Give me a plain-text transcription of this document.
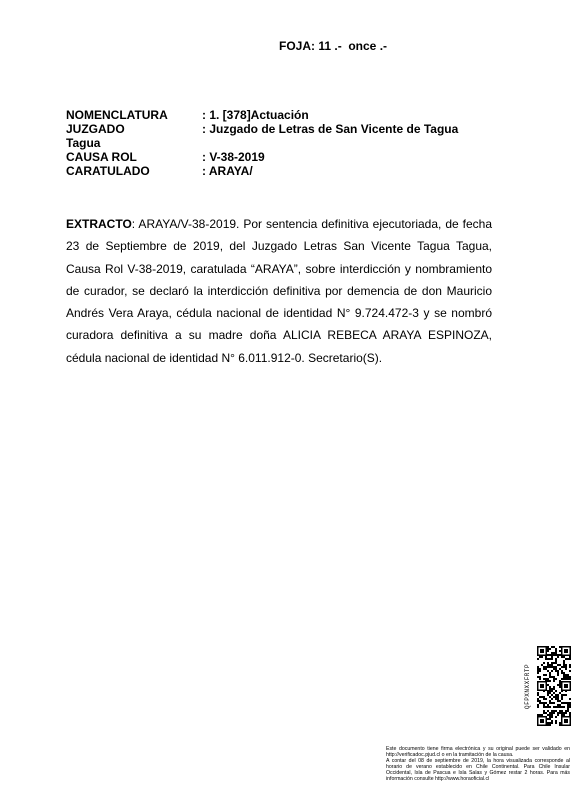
FOJA: 11 .-  once .-
NOMENCLATURA	: 1. [378]Actuación
JUZGADO	: Juzgado de Letras de San Vicente de Tagua
Tagua
CAUSA ROL	: V-38-2019
CARATULADO	: ARAYA/
EXTRACTO: ARAYA/V-38-2019. Por sentencia definitiva ejecutoriada, de fecha 23 de Septiembre de 2019, del Juzgado Letras San Vicente Tagua Tagua, Causa Rol V-38-2019, caratulada “ARAYA”, sobre interdicción y nombramiento de curador, se declaró la interdicción definitiva por demencia de don Mauricio Andrés Vera Araya, cédula nacional de identidad N° 9.724.472-3 y se nombró curadora definitiva a su madre doña ALICIA REBECA ARAYA ESPINOZA, cédula nacional de identidad N° 6.011.912-0. Secretario(S).
QFPXNXXFRTP

Este documento tiene firma electrónica y su original puede ser validado en http://verificadoc.pjud.cl o en la tramitación de la causa.

A contar del 08 de septiembre de 2019, la hora visualizada corresponde al horario de verano establecido en Chile Continental. Para Chile Insular Occidental, Isla de Pascua e Isla Salas y Gómez restar 2 horas. Para más información consulte http://www.horaoficial.cl
